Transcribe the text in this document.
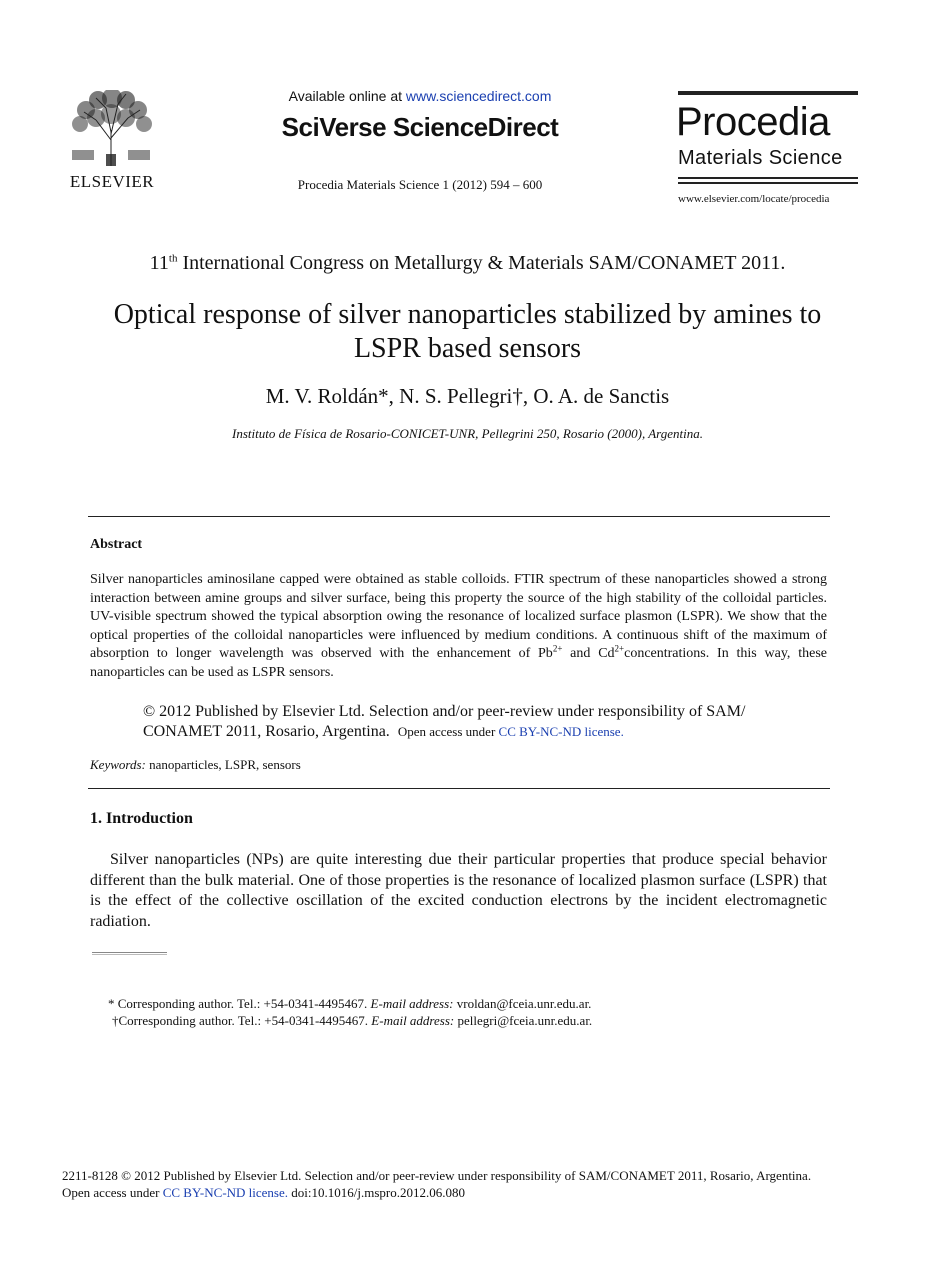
ELSEVIER
Available online at www.sciencedirect.com
SciVerse ScienceDirect
Procedia Materials Science 1 (2012) 594 – 600
Procedia
Materials Science
www.elsevier.com/locate/procedia
11th International Congress on Metallurgy & Materials SAM/CONAMET 2011.
Optical response of silver nanoparticles stabilized by amines to
LSPR based sensors
M. V. Roldán*, N. S. Pellegri†, O. A. de Sanctis
Instituto de Física de Rosario-CONICET-UNR, Pellegrini 250, Rosario (2000), Argentina.
Abstract
Silver nanoparticles aminosilane capped were obtained as stable colloids. FTIR spectrum of these nanoparticles showed a strong interaction between amine groups and silver surface, being this property the source of the high stability of the colloidal particles. UV-visible spectrum showed the typical absorption owing the resonance of localized surface plasmon (LSPR). We show that the optical properties of the colloidal nanoparticles were influenced by medium conditions. A continuous shift of the maximum of absorption to longer wavelength was observed with the enhancement of $Pb^{2+}$ and $Cd^{2+}concentrations$. In this way, these nanoparticles can be used as LSPR sensors.
© 2012 Published by Elsevier Ltd. Selection and/or peer-review under responsibility of SAM/ CONAMET 2011, Rosario, Argentina. Open access under CC BY-NC-ND license.
Keywords: nanoparticles, LSPR, sensors
1. Introduction
Silver nanoparticles (NPs) are quite interesting due their particular properties that produce special behavior different than the bulk material. One of those properties is the resonance of localized plasmon surface (LSPR) that is the effect of the collective oscillation of the excited conduction electrons by the incident electromagnetic radiation.
* Corresponding author. Tel.: +54-0341-4495467. E-mail address: vroldan@fceia.unr.edu.ar.
†Corresponding author. Tel.: +54-0341-4495467. E-mail address: pellegri@fceia.unr.edu.ar.
2211-8128 © 2012 Published by Elsevier Ltd. Selection and/or peer-review under responsibility of SAM/CONAMET 2011, Rosario, Argentina.
Open access under CC BY-NC-ND license. doi:10.1016/j.mspro.2012.06.080
